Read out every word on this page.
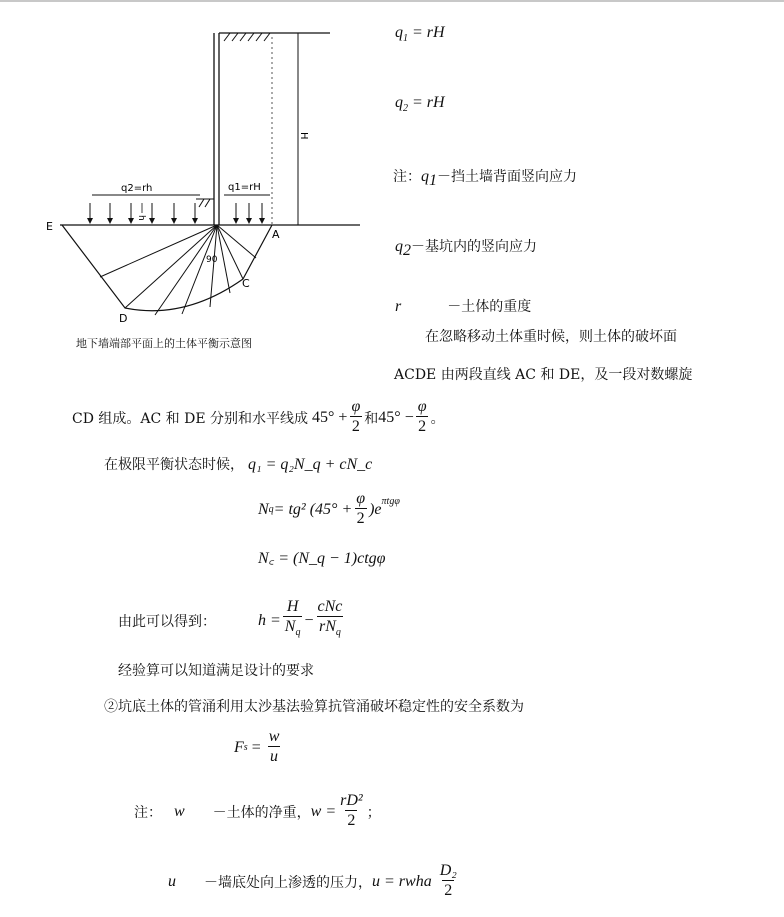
q2=rh	q1=rH
H
h
E
A
C
D
90
地下墙端部平面上的土体平衡示意图
$q_1$ = rH
$q_2$ = rH
注：$q_1-$挡土墙背面竖向应力
$q_2-$基坑内的竖向应力
r	－土体的重度
在忽略移动土体重时候，则土体的破坏面
ACDE 由两段直线 AC 和 DE，及一段对数螺旋
CD 组成。AC 和 DE 分别和水平线成 $45^\circ + \frac{\varphi}{2}$ 和 $45^\circ - \frac{\varphi}{2}$ 。
在极限平衡状态时候， q₁ = q₂N_q + cN_c
N q = tg² $(45^\circ + \frac{\varphi}{2} )e^{\pi tg\varphi}$
N꜀ = (N_q − 1)ctgφ
由此可以得到：	$h = \frac{H}{N_q} - \frac{\text{cNc}}{rN_q}$
经验算可以知道满足设计的要求
②坑底土体的管涌利用太沙基法验算抗管涌破坏稳定性的安全系数为
F $s = \frac{w}{u}$
注： w －土体的净重， $w = \frac{\text{rD²}}{2}$ ；
u －墙底处向上渗透的压力， u = r w h a $\frac{\text{D₂}}{2}$
